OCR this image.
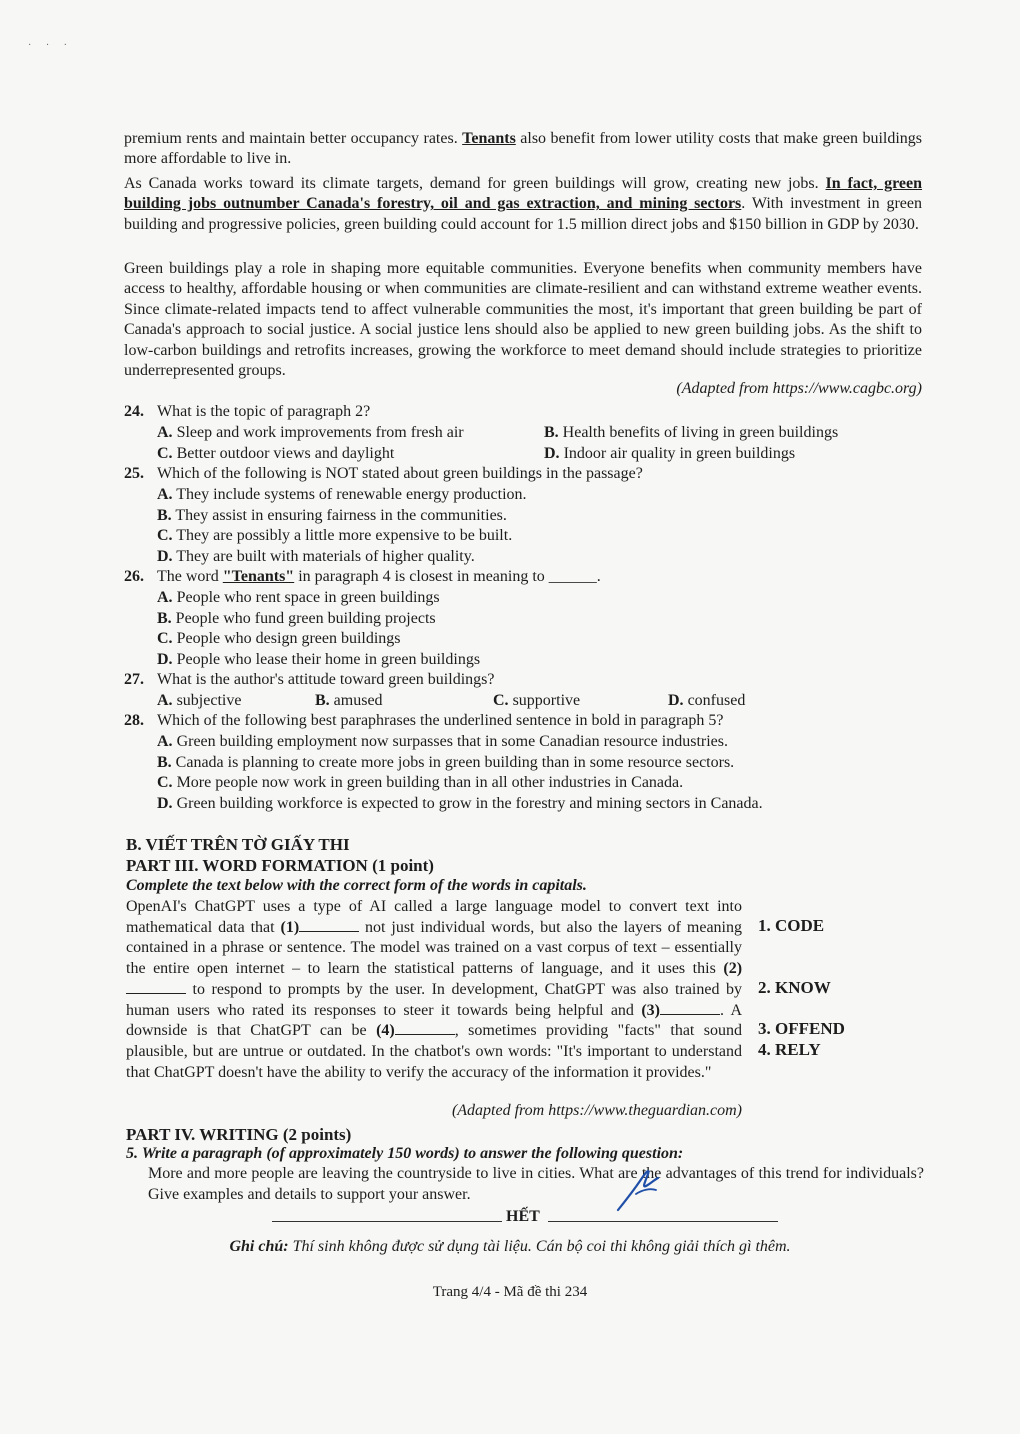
· · ·

premium rents and maintain better occupancy rates. Tenants also benefit from lower utility costs that make green buildings more affordable to live in.

As Canada works toward its climate targets, demand for green buildings will grow, creating new jobs. In fact, green building jobs outnumber Canada's forestry, oil and gas extraction, and mining sectors. With investment in green building and progressive policies, green building could account for 1.5 million direct jobs and $150 billion in GDP by 2030.

Green buildings play a role in shaping more equitable communities. Everyone benefits when community members have access to healthy, affordable housing or when communities are climate-resilient and can withstand extreme weather events. Since climate-related impacts tend to affect vulnerable communities the most, it's important that green building be part of Canada's approach to social justice. A social justice lens should also be applied to new green building jobs. As the shift to low-carbon buildings and retrofits increases, growing the workforce to meet demand should include strategies to prioritize underrepresented groups.

(Adapted from https://www.cagbc.org)
24. What is the topic of paragraph 2?
A. Sleep and work improvements from fresh air	B. Health benefits of living in green buildings
C. Better outdoor views and daylight	D. Indoor air quality in green buildings
25. Which of the following is NOT stated about green buildings in the passage?
A. They include systems of renewable energy production.
B. They assist in ensuring fairness in the communities.
C. They are possibly a little more expensive to be built.
D. They are built with materials of higher quality.
26. The word "Tenants" in paragraph 4 is closest in meaning to ______.
A. People who rent space in green buildings
B. People who fund green building projects
C. People who design green buildings
D. People who lease their home in green buildings
27. What is the author's attitude toward green buildings?
A. subjective	B. amused	C. supportive	D. confused
28. Which of the following best paraphrases the underlined sentence in bold in paragraph 5?
A. Green building employment now surpasses that in some Canadian resource industries.
B. Canada is planning to create more jobs in green building than in some resource sectors.
C. More people now work in green building than in all other industries in Canada.
D. Green building workforce is expected to grow in the forestry and mining sectors in Canada.
B. VIẾT TRÊN TỜ GIẤY THI
PART III. WORD FORMATION (1 point)
Complete the text below with the correct form of the words in capitals.

OpenAI's ChatGPT uses a type of AI called a large language model to convert text into mathematical data that (1)	not just individual words, but also the layers of meaning contained in a phrase or sentence. The model was trained on a vast corpus of text – essentially the entire open internet – to learn the statistical patterns of language, and it uses this (2) to respond to prompts by the user. In development, ChatGPT was also trained by human users who rated its responses to steer it towards being helpful and (3)	. A downside is that ChatGPT can be (4)	, sometimes providing "facts" that sound plausible, but are untrue or outdated. In the chatbot's own words: "It's important to understand that ChatGPT doesn't have the ability to verify the accuracy of the information it provides."

(Adapted from https://www.theguardian.com)
1. CODE
2. KNOW
3. OFFEND
4. RELY
PART IV. WRITING (2 points)
5. Write a paragraph (of approximately 150 words) to answer the following question:

More and more people are leaving the countryside to live in cities. What are the advantages of this trend for individuals? Give examples and details to support your answer.

HẾT
Ghi chú: Thí sinh không được sử dụng tài liệu. Cán bộ coi thi không giải thích gì thêm.
Trang 4/4 - Mã đề thi 234
